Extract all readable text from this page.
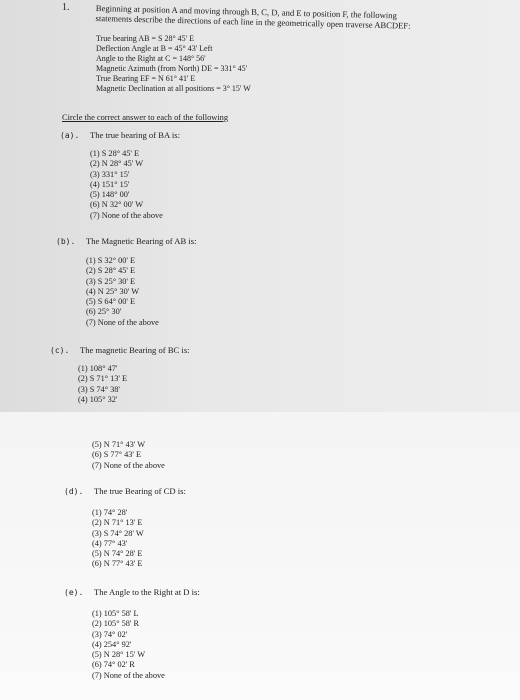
1.	Beginning at position A and moving through B, C, D, and E to position F, the following statements describe the directions of each line in the geometrically open traverse ABCDEF:

True bearing AB = S 28° 45' E
Deflection Angle at B = 45° 43' Left
Angle to the Right at C = 148° 56'
Magnetic Azimuth (from North) DE = 331° 45'
True Bearing EF = N 61° 41' E
Magnetic Declination at all positions = 3° 15' W
Circle the correct answer to each of the following
(a). The true bearing of BA is:
(1) S 28° 45' E
(2) N 28° 45' W
(3) 331° 15'
(4) 151° 15'
(5) 148° 00'
(6) N 32° 00' W
(7) None of the above
(b). The Magnetic Bearing of AB is:
(1) S 32° 00' E
(2) S 28° 45' E
(3) S 25° 30' E
(4) N 25° 30' W
(5) S 64° 00' E
(6) 25° 30'
(7) None of the above
(c). The magnetic Bearing of BC is:
(1) 108° 47'
(2) S 71° 13' E
(3) S 74° 38'
(4) 105° 32'
(5) N 71° 43' W
(6) S 77° 43' E
(7) None of the above
(d). The true Bearing of CD is:
(1) 74° 28'
(2) N 71° 13' E
(3) S 74° 28' W
(4) 77° 43'
(5) N 74° 28' E
(6) N 77° 43' E
(e). The Angle to the Right at D is:
(1) 105° 58' L
(2) 105° 58' R
(3) 74° 02'
(4) 254° 92'
(5) N 28° 15' W
(6) 74° 02' R
(7) None of the above
